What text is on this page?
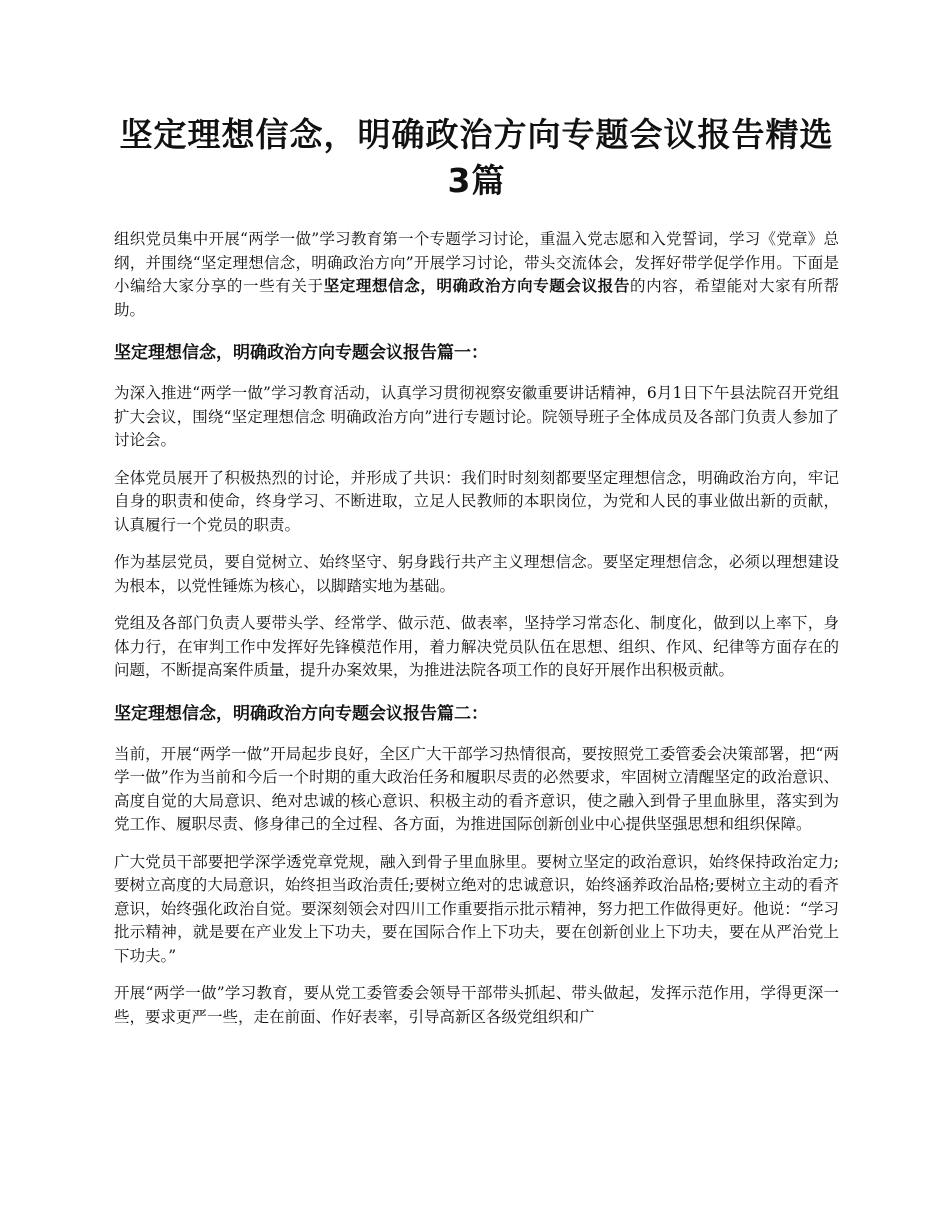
坚定理想信念，明确政治方向专题会议报告精选3篇

组织党员集中开展“两学一做”学习教育第一个专题学习讨论，重温入党志愿和入党誓词，学习《党章》总纲，并围绕“坚定理想信念，明确政治方向”开展学习讨论，带头交流体会，发挥好带学促学作用。下面是小编给大家分享的一些有关于坚定理想信念，明确政治方向专题会议报告的内容，希望能对大家有所帮助。

坚定理想信念，明确政治方向专题会议报告篇一：

为深入推进“两学一做”学习教育活动，认真学习贯彻视察安徽重要讲话精神，6月1日下午县法院召开党组扩大会议，围绕“坚定理想信念 明确政治方向”进行专题讨论。院领导班子全体成员及各部门负责人参加了讨论会。

全体党员展开了积极热烈的讨论，并形成了共识：我们时时刻刻都要坚定理想信念，明确政治方向，牢记自身的职责和使命，终身学习、不断进取，立足人民教师的本职岗位，为党和人民的事业做出新的贡献，认真履行一个党员的职责。

作为基层党员，要自觉树立、始终坚守、躬身践行共产主义理想信念。要坚定理想信念，必须以理想建设为根本，以党性锤炼为核心，以脚踏实地为基础。

党组及各部门负责人要带头学、经常学、做示范、做表率，坚持学习常态化、制度化，做到以上率下，身体力行，在审判工作中发挥好先锋模范作用，着力解决党员队伍在思想、组织、作风、纪律等方面存在的问题，不断提高案件质量，提升办案效果，为推进法院各项工作的良好开展作出积极贡献。

坚定理想信念，明确政治方向专题会议报告篇二：

当前，开展“两学一做”开局起步良好，全区广大干部学习热情很高，要按照党工委管委会决策部署，把“两学一做”作为当前和今后一个时期的重大政治任务和履职尽责的必然要求，牢固树立清醒坚定的政治意识、高度自觉的大局意识、绝对忠诚的核心意识、积极主动的看齐意识，使之融入到骨子里血脉里，落实到为党工作、履职尽责、修身律己的全过程、各方面，为推进国际创新创业中心提供坚强思想和组织保障。

广大党员干部要把学深学透党章党规，融入到骨子里血脉里。要树立坚定的政治意识，始终保持政治定力;要树立高度的大局意识，始终担当政治责任;要树立绝对的忠诚意识，始终涵养政治品格;要树立主动的看齐意识，始终强化政治自觉。要深刻领会对四川工作重要指示批示精神，努力把工作做得更好。他说：“学习批示精神，就是要在产业发上下功夫，要在国际合作上下功夫，要在创新创业上下功夫，要在从严治党上下功夫。”

开展“两学一做”学习教育，要从党工委管委会领导干部带头抓起、带头做起，发挥示范作用，学得更深一些，要求更严一些，走在前面、作好表率，引导高新区各级党组织和广
